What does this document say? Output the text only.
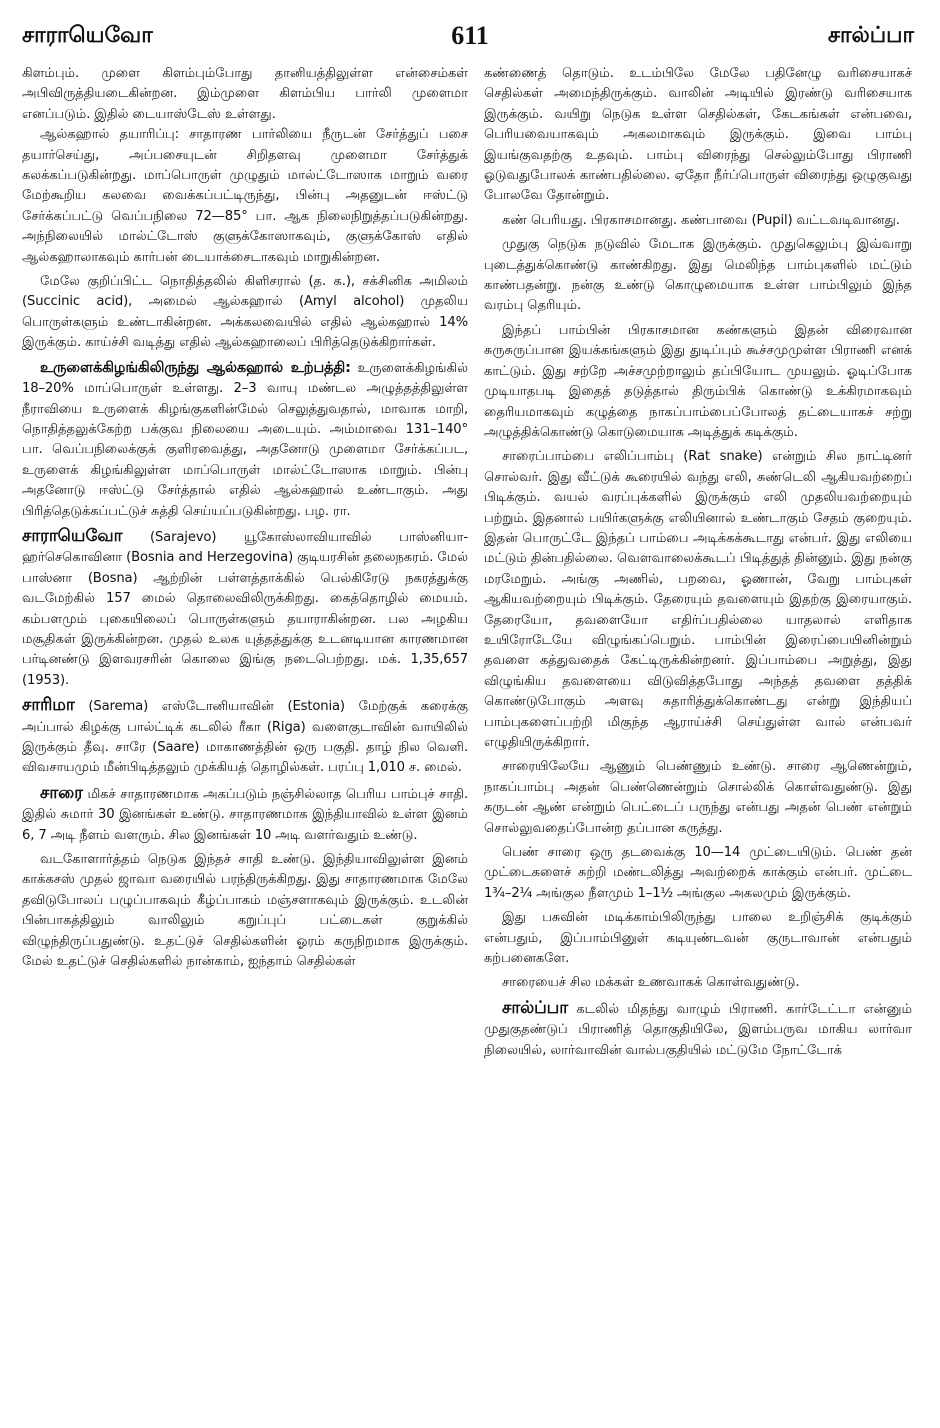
சாராயெவோ	611	சால்ப்பா

கிளம்பும். முளை கிளம்பும்போது தானியத்திலுள்ள என்சைம்கள் அபிவிருத்தியடைகின்றன. இம்முளை கிளம்பிய பார்லி முளைமா எனப்படும். இதில் டையாஸ்டேஸ் உள்ளது.

ஆல்கஹால் தயாரிப்பு: சாதாரண பார்லியை நீருடன் சேர்த்துப் பசை தயார்செய்து, அப்பசையுடன் சிறிதளவு முளைமா சேர்த்துக் கலக்கப்படுகின்றது. மாப்பொருள் முழுதும் மால்ட்டோஸாக மாறும் வரை மேற்கூறிய கலவை வைக்கப்பட்டிருந்து, பின்பு அதனுடன் ஈஸ்ட்டு சேர்க்கப்பட்டு வெப்பநிலை 72—85° பா. ஆக நிலைநிறுத்தப்படுகின்றது. அந்நிலையில் மால்ட்டோஸ் குளுக்கோஸாகவும், குளுக்கோஸ் எதில் ஆல்கஹாலாகவும் கார்பன் டையாக்சைடாகவும் மாறுகின்றன.

மேலே குறிப்பிட்ட நொதித்தலில் கிளிசரால் (த. க.), சக்சினிக அமிலம் (Succinic acid), அமைல் ஆல்கஹால் (Amyl alcohol) முதலிய பொருள்களும் உண்டாகின்றன. அக்கலவையில் எதில் ஆல்கஹால் 14% இருக்கும். காய்ச்சி வடித்து எதில் ஆல்கஹாலைப் பிரித்தெடுக்கிறார்கள்.

உருளைக்கிழங்கிலிருந்து ஆல்கஹால் உற்பத்தி: உருளைக்கிழங்கில் 18–20% மாப்பொருள் உள்ளது. 2–3 வாயு மண்டல அழுத்தத்திலுள்ள நீராவியை உருளைக் கிழங்குகளின்மேல் செலுத்துவதால், மாவாக மாறி, நொதித்தலுக்கேற்ற பக்குவ நிலையை அடையும். அம்மாவை 131–140° பா. வெப்பநிலைக்குக் குளிரவைத்து, அதனோடு முளைமா சேர்க்கப்பட, உருளைக் கிழங்கிலுள்ள மாப்பொருள் மால்ட்டோஸாக மாறும். பின்பு அதனோடு ஈஸ்ட்டு சேர்த்தால் எதில் ஆல்கஹால் உண்டாகும். அது பிரித்தெடுக்கப்பட்டுச் சுத்தி செய்யப்படுகின்றது. பழ. ரா.

சாராயெவோ (Sarajevo) யூகோஸ்லாவியாவில் பாஸ்னியா-ஹர்செகொவினா (Bosnia and Herzegovina) குடியரசின் தலைநகரம். மேல் பாஸ்னா (Bosna) ஆற்றின் பள்ளத்தாக்கில் பெல்கிரேடு நகரத்துக்கு வடமேற்கில் 157 மைல் தொலைவிலிருக்கிறது. கைத்தொழில் மையம். கம்பளமும் புகையிலைப் பொருள்களும் தயாராகின்றன. பல அழகிய மசூதிகள் இருக்கின்றன. முதல் உலக யுத்தத்துக்கு உடனடியான காரணமான பர்டினண்டு இளவரசரின் கொலை இங்கு நடைபெற்றது. மக். 1,35,657 (1953).

சாரிமா (Sarema) எஸ்டோனியாவின் (Estonia) மேற்குக் கரைக்கு அப்பால் கிழக்கு பால்ட்டிக் கடலில் ரீகா (Riga) வளைகுடாவின் வாயிலில் இருக்கும் தீவு. சாரே (Saare) மாகாணத்தின் ஒரு பகுதி. தாழ் நில வெளி. விவசாயமும் மீன்பிடித்தலும் முக்கியத் தொழில்கள். பரப்பு 1,010 ச. மைல்.

சாரை மிகச் சாதாரணமாக அகப்படும் நஞ்சில்லாத பெரிய பாம்புச் சாதி. இதில் சுமார் 30 இனங்கள் உண்டு. சாதாரணமாக இந்தியாவில் உள்ள இனம் 6, 7 அடி நீளம் வளரும். சில இனங்கள் 10 அடி வளர்வதும் உண்டு.

வடகோளார்த்தம் நெடுக இந்தச் சாதி உண்டு. இந்தியாவிலுள்ள இனம் காக்கசஸ் முதல் ஜாவா வரையில் பரந்திருக்கிறது. இது சாதாரணமாக மேலே தவிடுபோலப் பழுப்பாகவும் கீழ்ப்பாகம் மஞ்சளாகவும் இருக்கும். உடலின் பின்பாகத்திலும் வாலிலும் கறுப்புப் பட்டைகள் குறுக்கில் விழுந்திருப்பதுண்டு. உதட்டுச் செதில்களின் ஓரம் கருநிறமாக இருக்கும். மேல் உதட்டுச் செதில்களில் நான்காம், ஐந்தாம் செதில்கள்

கண்ணைத் தொடும். உடம்பிலே மேலே பதினேழு வரிசையாகச் செதில்கள் அமைந்திருக்கும். வாலின் அடியில் இரண்டு வரிசையாக இருக்கும். வயிறு நெடுக உள்ள செதில்கள், கேடகங்கள் என்பவை, பெரியவையாகவும் அகலமாகவும் இருக்கும். இவை பாம்பு இயங்குவதற்கு உதவும். பாம்பு விரைந்து செல்லும்போது பிராணி ஓடுவதுபோலக் காண்பதில்லை. ஏதோ நீர்ப்பொருள் விரைந்து ஒழுகுவது போலவே தோன்றும்.

கண் பெரியது. பிரகாசமானது. கண்பாவை (Pupil) வட்டவடிவானது.

முதுகு நெடுக நடுவில் மேடாக இருக்கும். முதுகெலும்பு இவ்வாறு புடைத்துக்கொண்டு காண்கிறது. இது மெலிந்த பாம்புகளில் மட்டும் காண்பதன்று. நன்கு உண்டு கொழுமையாக உள்ள பாம்பிலும் இந்த வரம்பு தெரியும்.

இந்தப் பாம்பின் பிரகாசமான கண்களும் இதன் விரைவான சுருசுருப்பான இயக்கங்களும் இது துடிப்பும் கூச்சமுமுள்ள பிராணி எனக் காட்டும். இது சற்றே அச்சமுற்றாலும் தப்பியோட முயலும். ஓடிப்போக முடியாதபடி இதைத் தடுத்தால் திரும்பிக் கொண்டு உக்கிரமாகவும் தைரியமாகவும் கழுத்தை நாகப்பாம்பைப்போலத் தட்டையாகச் சற்று அழுத்திக்கொண்டு கொடுமையாக அடித்துக் கடிக்கும்.

சாரைப்பாம்பை எலிப்பாம்பு (Rat snake) என்றும் சில நாட்டினர் சொல்வர். இது வீட்டுக் கூரையில் வந்து எலி, சுண்டெலி ஆகியவற்றைப் பிடிக்கும். வயல் வரப்புக்களில் இருக்கும் எலி முதலியவற்றையும் பற்றும். இதனால் பயிர்களுக்கு எலியினால் உண்டாகும் சேதம் குறையும். இதன் பொருட்டே இந்தப் பாம்பை அடிக்கக்கூடாது என்பர். இது எலியை மட்டும் தின்பதில்லை. வௌவாலைக்கூடப் பிடித்துத் தின்னும். இது நன்கு மரமேறும். அங்கு அணில், பறவை, ஓணான், வேறு பாம்புகள் ஆகியவற்றையும் பிடிக்கும். தேரையும் தவளையும் இதற்கு இரையாகும். தேரையோ, தவளையோ எதிர்ப்பதில்லை யாதலால் எளிதாக உயிரோடேயே விழுங்கப்பெறும். பாம்பின் இரைப்பையினின்றும் தவளை கத்துவதைக் கேட்டிருக்கின்றனர். இப்பாம்பை அறுத்து, இது விழுங்கிய தவளையை விடுவித்தபோது அந்தத் தவளை தத்திக் கொண்டுபோகும் அளவு சுதாரித்துக்கொண்டது என்று இந்தியப் பாம்புகளைப்பற்றி மிகுந்த ஆராய்ச்சி செய்துள்ள வால் என்பவர் எழுதியிருக்கிறார்.

சாரையிலேயே ஆணும் பெண்ணும் உண்டு. சாரை ஆணென்றும், நாகப்பாம்பு அதன் பெண்ணென்றும் சொல்லிக் கொள்வதுண்டு. இது கருடன் ஆண் என்றும் பெட்டைப் பருந்து என்பது அதன் பெண் என்றும் சொல்லுவதைப்போன்ற தப்பான கருத்து.

பெண் சாரை ஒரு தடவைக்கு 10—14 முட்டையிடும். பெண் தன் முட்டைகளைச் சுற்றி மண்டலித்து அவற்றைக் காக்கும் என்பர். முட்டை 1¾–2¼ அங்குல நீளமும் 1–1½ அங்குல அகலமும் இருக்கும்.

இது பசுவின் மடிக்காம்பிலிருந்து பாலை உறிஞ்சிக் குடிக்கும் என்பதும், இப்பாம்பினுள் கடியுண்டவன் குருடாவான் என்பதும் கற்பனைகளே.

சாரையைச் சில மக்கள் உணவாகக் கொள்வதுண்டு.

சால்ப்பா கடலில் மிதந்து வாழும் பிராணி. கார்டேட்டா என்னும் முதுகுதண்டுப் பிராணித் தொகுதியிலே, இளம்பருவ மாகிய லார்வா நிலையில், லார்வாவின் வால்பகுதியில் மட்டுமே நோட்டோக்
